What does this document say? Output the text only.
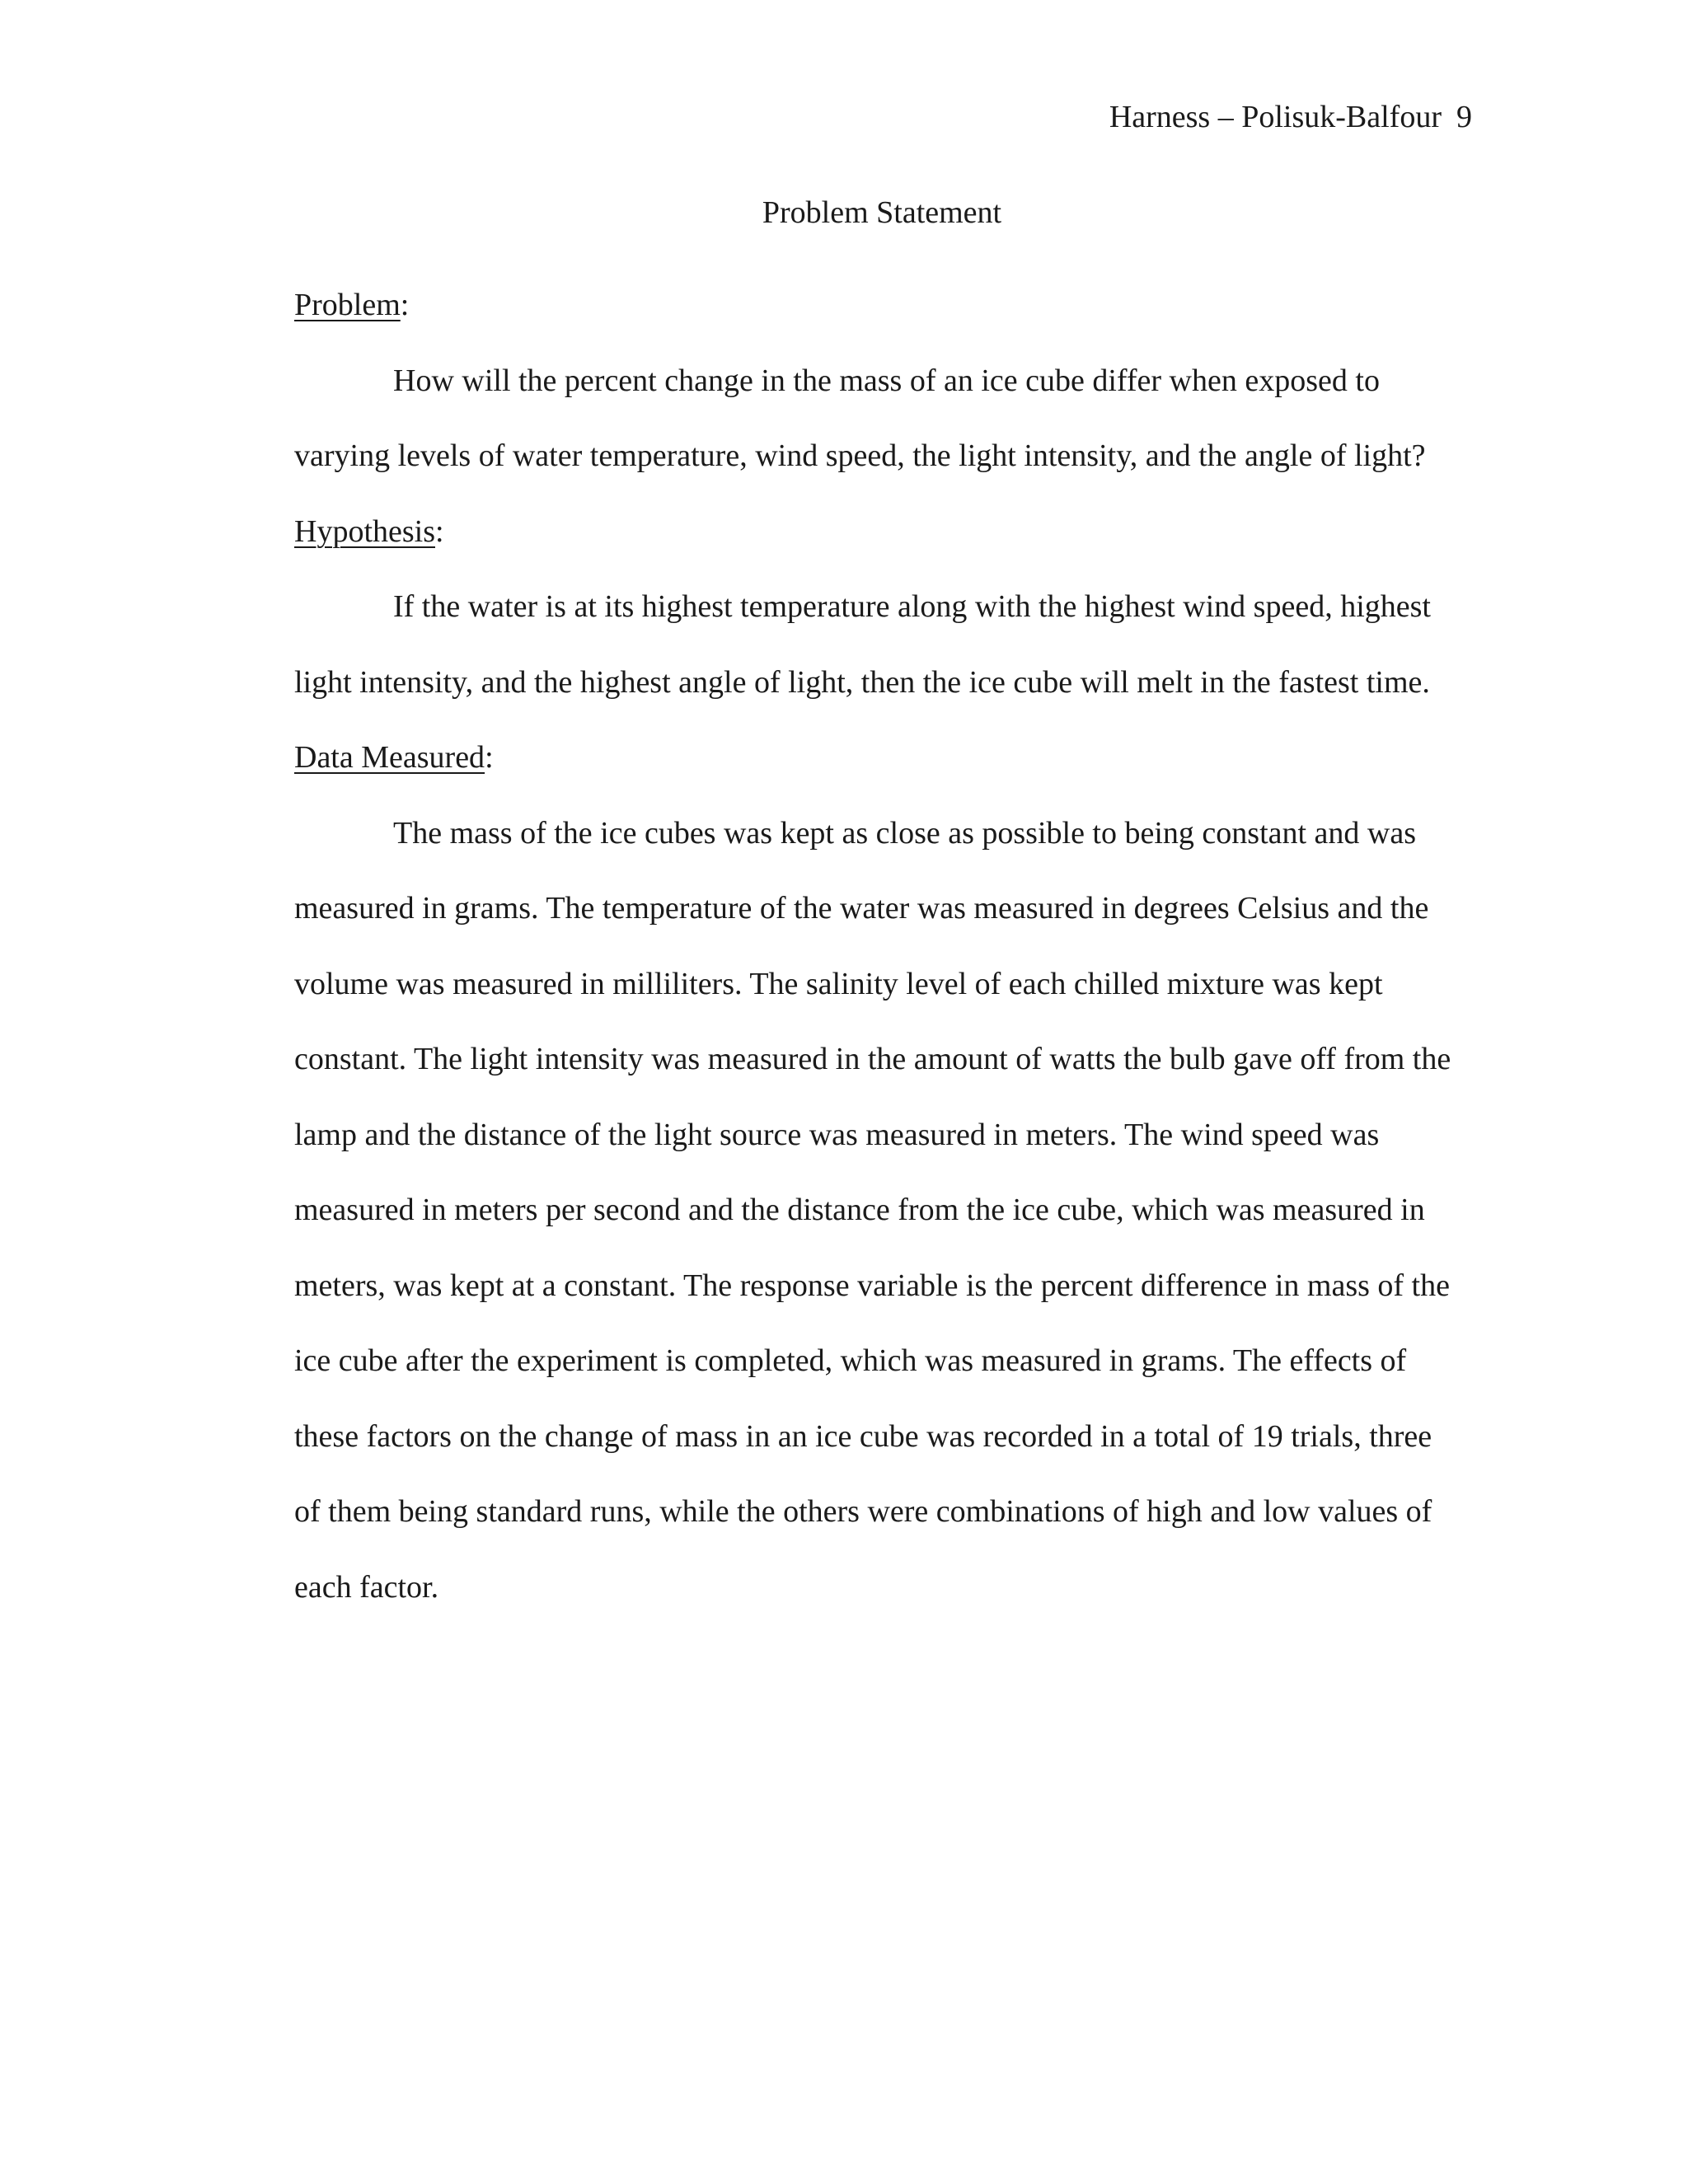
Harness – Polisuk-Balfour 9
Problem Statement

Problem:

How will the percent change in the mass of an ice cube differ when exposed to varying levels of water temperature, wind speed, the light intensity, and the angle of light?

Hypothesis:

If the water is at its highest temperature along with the highest wind speed, highest light intensity, and the highest angle of light, then the ice cube will melt in the fastest time.

Data Measured:

The mass of the ice cubes was kept as close as possible to being constant and was measured in grams. The temperature of the water was measured in degrees Celsius and the volume was measured in milliliters. The salinity level of each chilled mixture was kept constant. The light intensity was measured in the amount of watts the bulb gave off from the lamp and the distance of the light source was measured in meters. The wind speed was measured in meters per second and the distance from the ice cube, which was measured in meters, was kept at a constant. The response variable is the percent difference in mass of the ice cube after the experiment is completed, which was measured in grams. The effects of these factors on the change of mass in an ice cube was recorded in a total of 19 trials, three of them being standard runs, while the others were combinations of high and low values of each factor.
